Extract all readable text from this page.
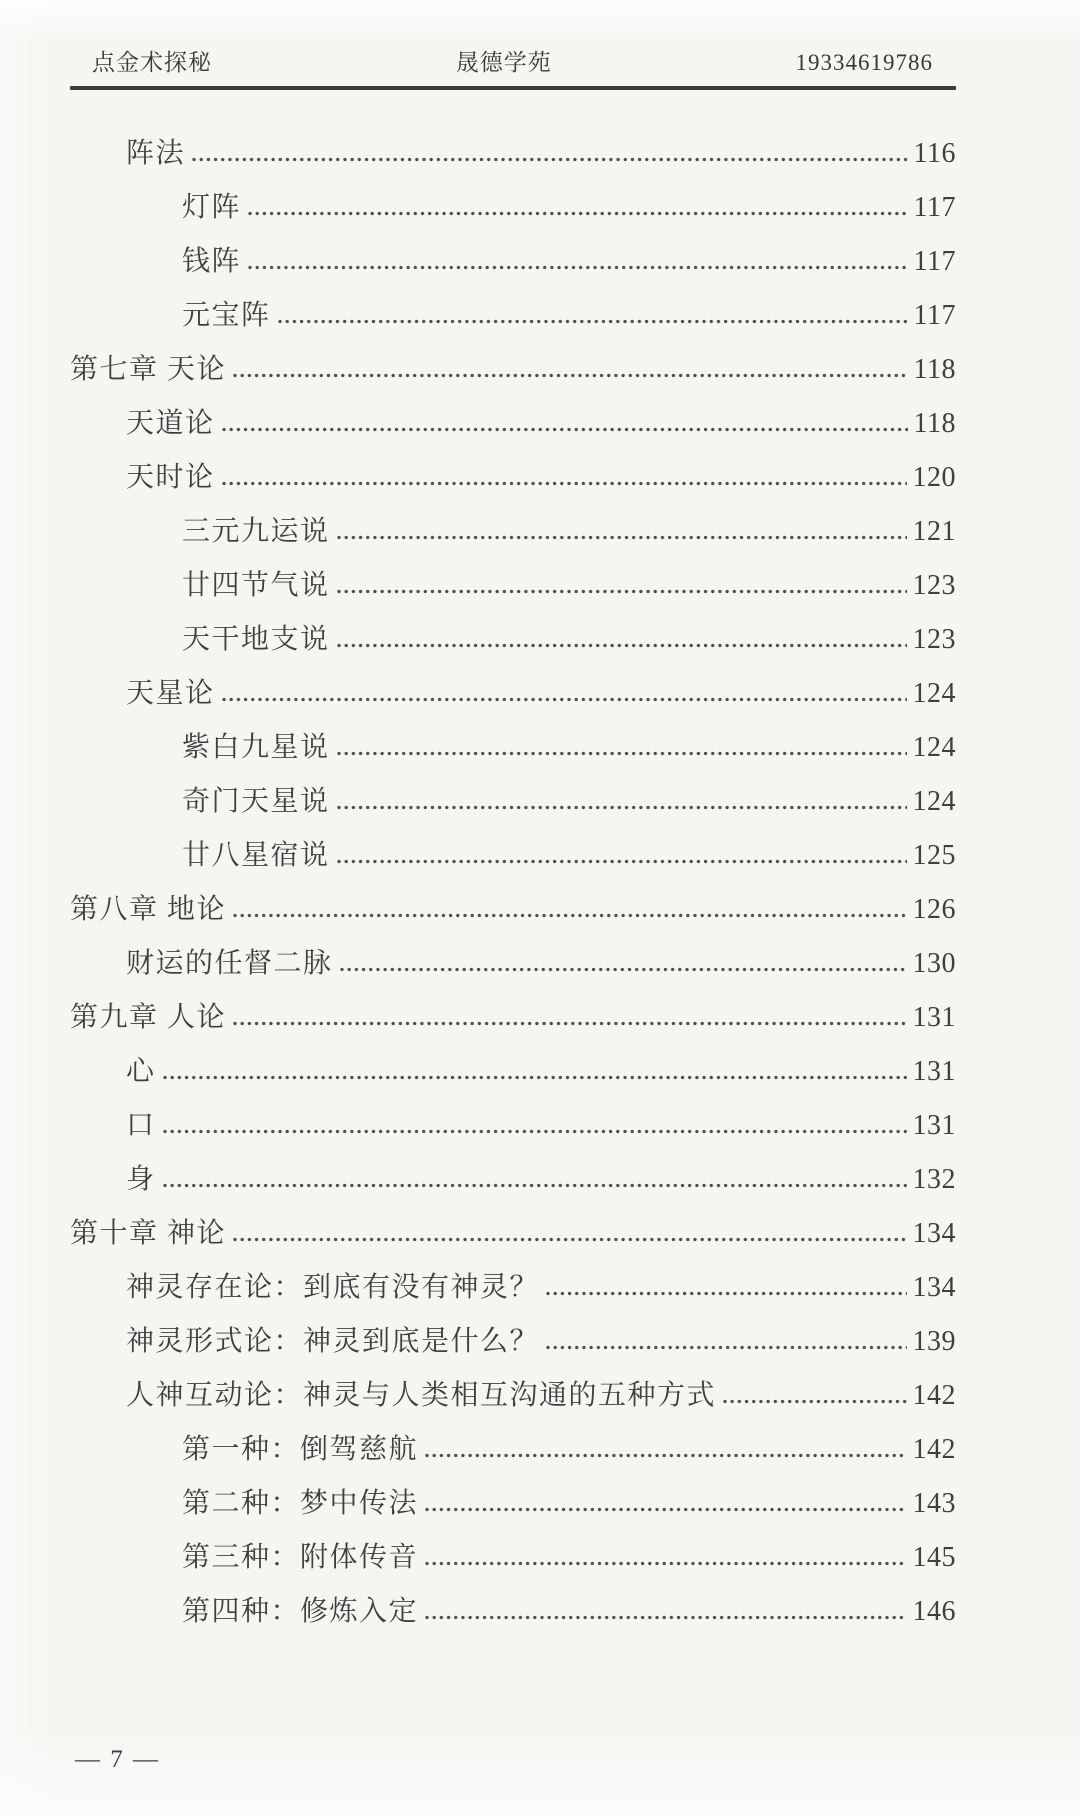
点金术探秘	晟德学苑	19334619786
阵法	116
灯阵	117
钱阵	117
元宝阵	117
第七章 天论	118
天道论	118
天时论	120
三元九运说	121
廿四节气说	123
天干地支说	123
天星论	124
紫白九星说	124
奇门天星说	124
廿八星宿说	125
第八章 地论	126
财运的任督二脉	130
第九章 人论	131
心	131
口	131
身	132
第十章 神论	134
神灵存在论：到底有没有神灵？	134
神灵形式论：神灵到底是什么？	139
人神互动论：神灵与人类相互沟通的五种方式	142
第一种：倒驾慈航	142
第二种：梦中传法	143
第三种：附体传音	145
第四种：修炼入定	146
— 7 —
